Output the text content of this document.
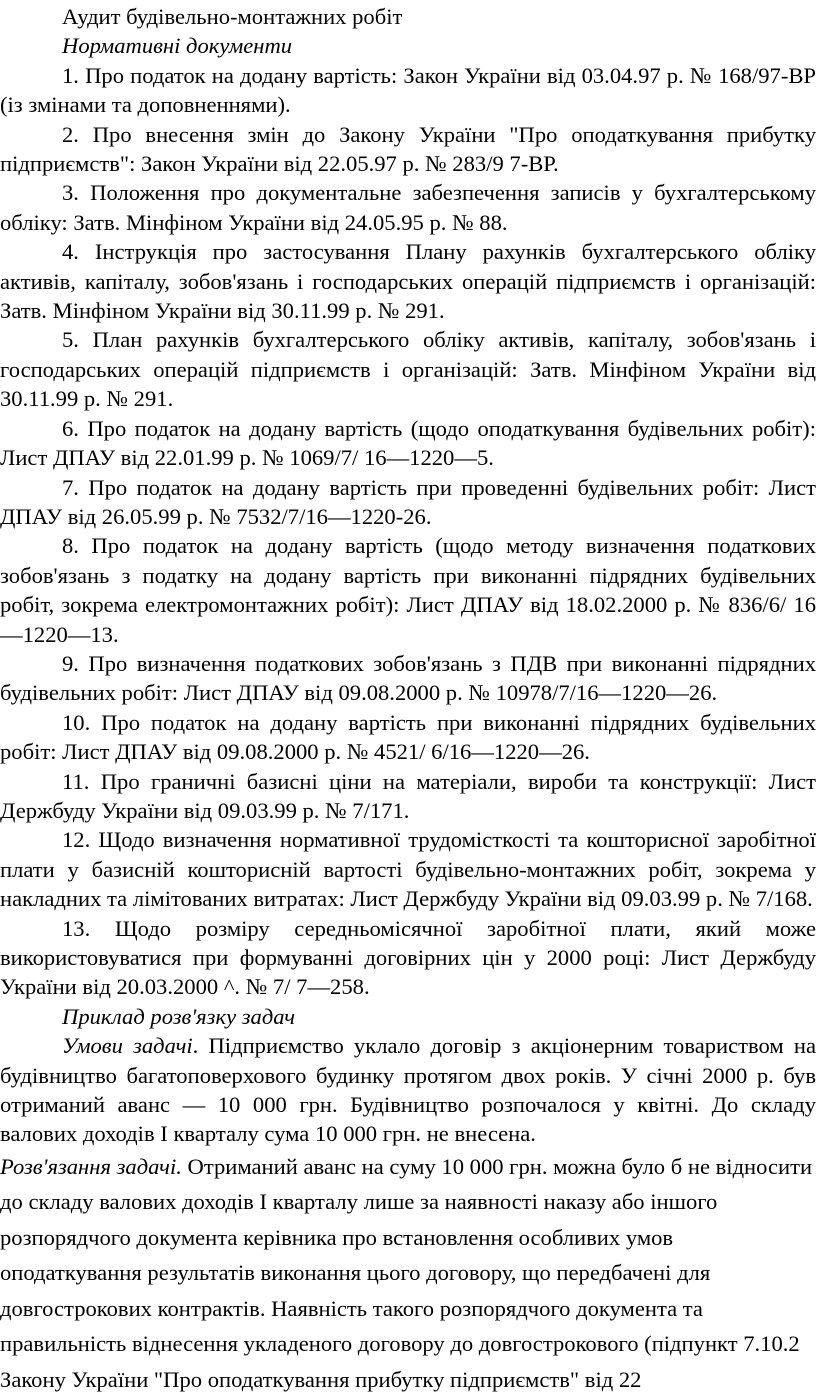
Аудит будівельно-монтажних робіт

Нормативні документи

1. Про податок на додану вартість: Закон України від 03.04.97 р. № 168/97-ВР (із змінами та доповненнями).

2. Про внесення змін до Закону України "Про оподаткування прибутку підприємств": Закон України від 22.05.97 р. № 283/9 7-ВР.

3. Положення про документальне забезпечення записів у бухгалтерському обліку: Затв. Мінфіном України від 24.05.95 р. № 88.

4. Інструкція про застосування Плану рахунків бухгалтерського обліку активів, капіталу, зобов'язань і господарських операцій підприємств і організацій: Затв. Мінфіном України від 30.11.99 р. № 291.

5. План рахунків бухгалтерського обліку активів, капіталу, зобов'язань і господарських операцій підприємств і організацій: Затв. Мінфіном України від 30.11.99 р. № 291.

6. Про податок на додану вартість (щодо оподаткування будівельних робіт): Лист ДПАУ від 22.01.99 р. № 1069/7/ 16—1220—5.

7. Про податок на додану вартість при проведенні будівельних робіт: Лист ДПАУ від 26.05.99 р. № 7532/7/16—1220-26.

8. Про податок на додану вартість (щодо методу визначення податкових зобов'язань з податку на додану вартість при виконанні підрядних будівельних робіт, зокрема електромонтажних робіт): Лист ДПАУ від 18.02.2000 р. № 836/6/ 16—1220—13.

9. Про визначення податкових зобов'язань з ПДВ при виконанні підрядних будівельних робіт: Лист ДПАУ від 09.08.2000 р. № 10978/7/16—1220—26.

10. Про податок на додану вартість при виконанні підрядних будівельних робіт: Лист ДПАУ від 09.08.2000 р. № 4521/ 6/16—1220—26.

11. Про граничні базисні ціни на матеріали, вироби та конструкції: Лист Держбуду України від 09.03.99 р. № 7/171.

12. Щодо визначення нормативної трудомісткості та кошторисної заробітної плати у базисній кошторисній вартості будівельно-монтажних робіт, зокрема у накладних та лімітованих витратах: Лист Держбуду України від 09.03.99 р. № 7/168.

13. Щодо розміру середньомісячної заробітної плати, який може використовуватися при формуванні договірних цін у 2000 році: Лист Держбуду України від 20.03.2000 ^. № 7/ 7—258.

Приклад розв'язку задач

Умови задачі. Підприємство уклало договір з акціонерним товариством на будівництво багатоповерхового будинку протягом двох років. У січні 2000 р. був отриманий аванс — 10 000 грн. Будівництво розпочалося у квітні. До складу валових доходів І кварталу сума 10 000 грн. не внесена.

Розв'язання задачі. Отриманий аванс на суму 10 000 грн. можна було б не відносити до складу валових доходів І кварталу лише за наявності наказу або іншого розпорядчого документа керівника про встановлення особливих умов оподаткування результатів виконання цього договору, що передбачені для довгострокових контрактів. Наявність такого розпорядчого документа та правильність віднесення укладеного договору до довгострокового (підпункт 7.10.2 Закону України "Про оподаткування прибутку підприємств" від 22
